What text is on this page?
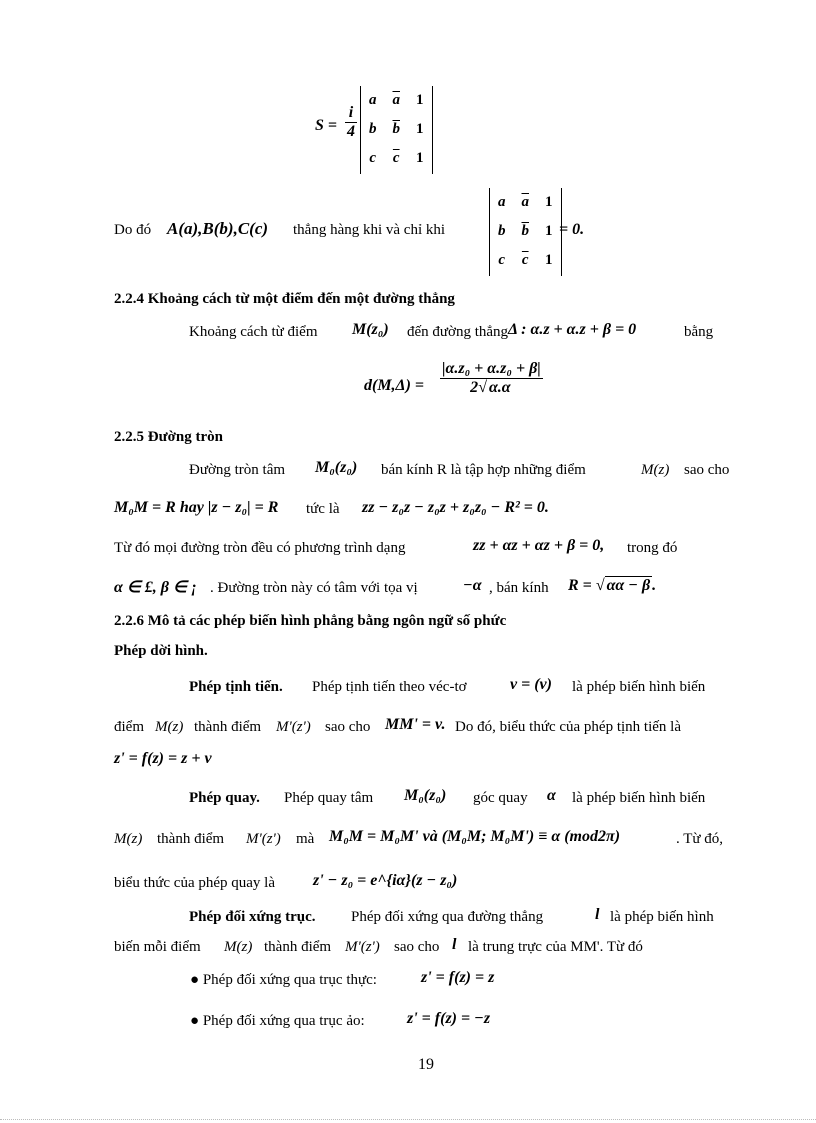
$S = \frac{i}{4}$
a	$\overline{a}$	1
b	$\overline{b}$	1
c	$\overline{c}$	1
Do đó A(a),B(b),C(c) thẳng hàng khi và chỉ khi
a	$\overline{a}$	1
b	$\overline{b}$	1
c	$\overline{c}$	1
= 0.
2.2.4 Khoảng cách từ một điểm đến một đường thẳng
Khoảng cách từ điểm M(z₀) đến đường thẳng Δ : α.z + α.z + β = 0	bằng
$d(M,\Delta) = \frac{\text{|α.z₀ + α.z₀ + β|}}{2√ \alpha.\alpha}$
2.2.5 Đường tròn
Đường tròn tâm M₀(z₀) bán kính R là tập hợp những điểm	M(z) sao cho
M₀M = R hay |z − z₀| = R tức là zz − z₀z − z₀z + z₀z₀ − R² = 0.
Từ đó mọi đường tròn đều có phương trình dạng	zz + αz + αz + β = 0, trong đó
α ∈ £, β ∈ ¡ . Đường tròn này có tâm với tọa vị	−α , bán kính R = √ αα − β .
2.2.6 Mô tả các phép biến hình phẳng bằng ngôn ngữ số phức
Phép dời hình.
Phép tịnh tiến. Phép tịnh tiến theo véc-tơ	v = (v) là phép biến hình biến
điểm M(z) thành điểm M'(z') sao cho MM' = v. Do đó, biểu thức của phép tịnh tiến là
z' = f(z) = z + v
Phép quay. Phép quay tâm M₀(z₀) góc quay α là phép biến hình biến
M(z) thành điểm M'(z') mà M₀M = M₀M' và (M₀M; M₀M') ≡ α (mod2π)	. Từ đó,
biểu thức của phép quay là z' − z₀ = e^{iα}(z − z₀)
Phép đối xứng trục. Phép đối xứng qua đường thẳng	l là phép biến hình
biến mỗi điểm M(z) thành điểm M'(z') sao cho l là trung trực của MM'. Từ đó
● Phép đối xứng qua trục thực:	z' = f(z) = z
● Phép đối xứng qua trục ảo:	z' = f(z) = −z
19
